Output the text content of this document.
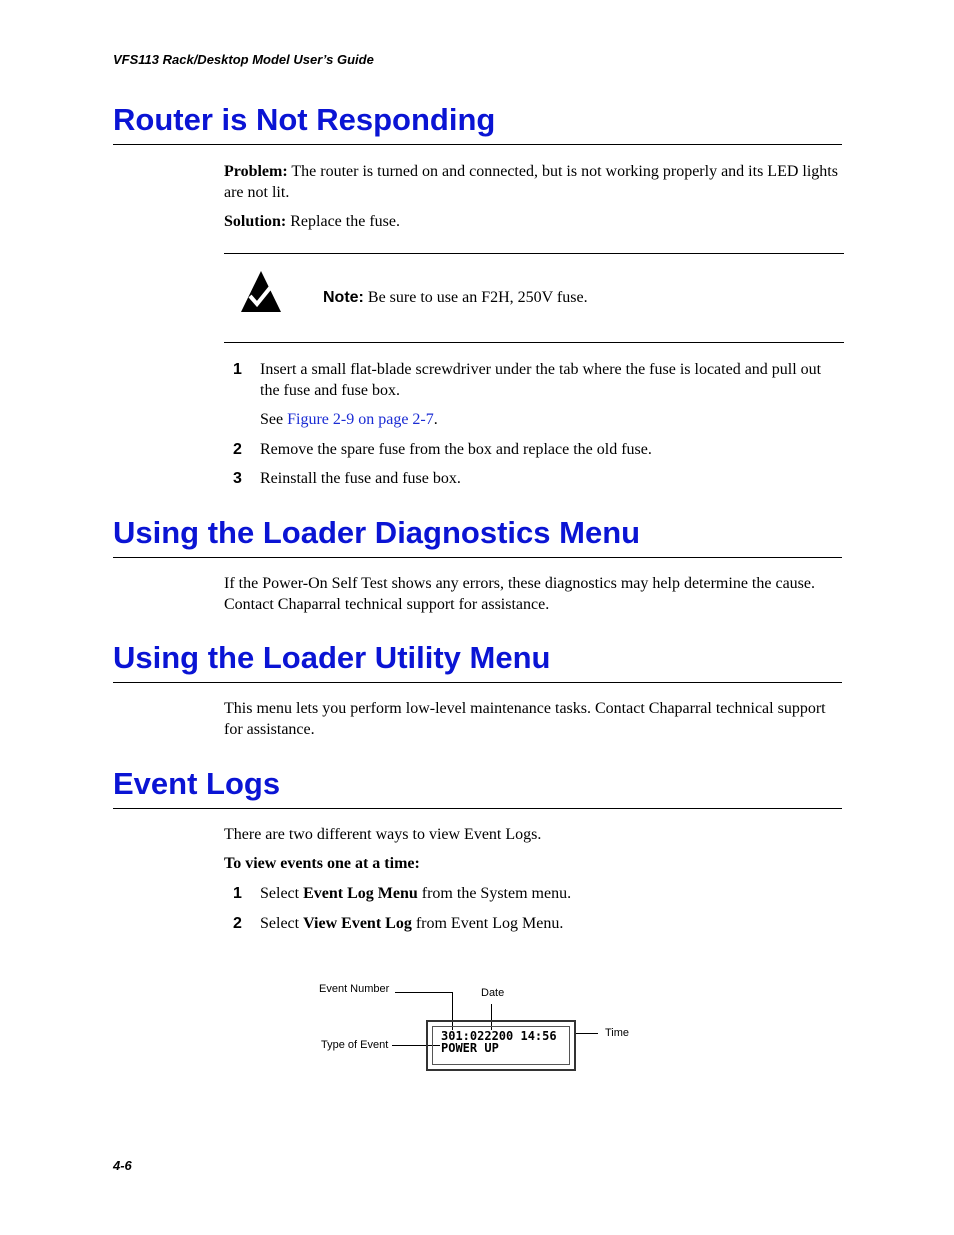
VFS113 Rack/Desktop Model User’s Guide
Router is Not Responding

Problem: The router is turned on and connected, but is not working properly and its LED lights are not lit.

Solution: Replace the fuse.

Note: Be sure to use an F2H, 250V fuse.

1 Insert a small flat-blade screwdriver under the tab where the fuse is located and pull out the fuse and fuse box.

See Figure 2-9 on page 2-7.

2 Remove the spare fuse from the box and replace the old fuse.

3 Reinstall the fuse and fuse box.

Using the Loader Diagnostics Menu

If the Power-On Self Test shows any errors, these diagnostics may help determine the cause. Contact Chaparral technical support for assistance.

Using the Loader Utility Menu

This menu lets you perform low-level maintenance tasks. Contact Chaparral technical support for assistance.

Event Logs

There are two different ways to view Event Logs.

To view events one at a time:

1 Select Event Log Menu from the System menu.

2 Select View Event Log from Event Log Menu.

Event Number	Date
Time
Type of Event
301:022200 14:56
POWER UP
4-6
